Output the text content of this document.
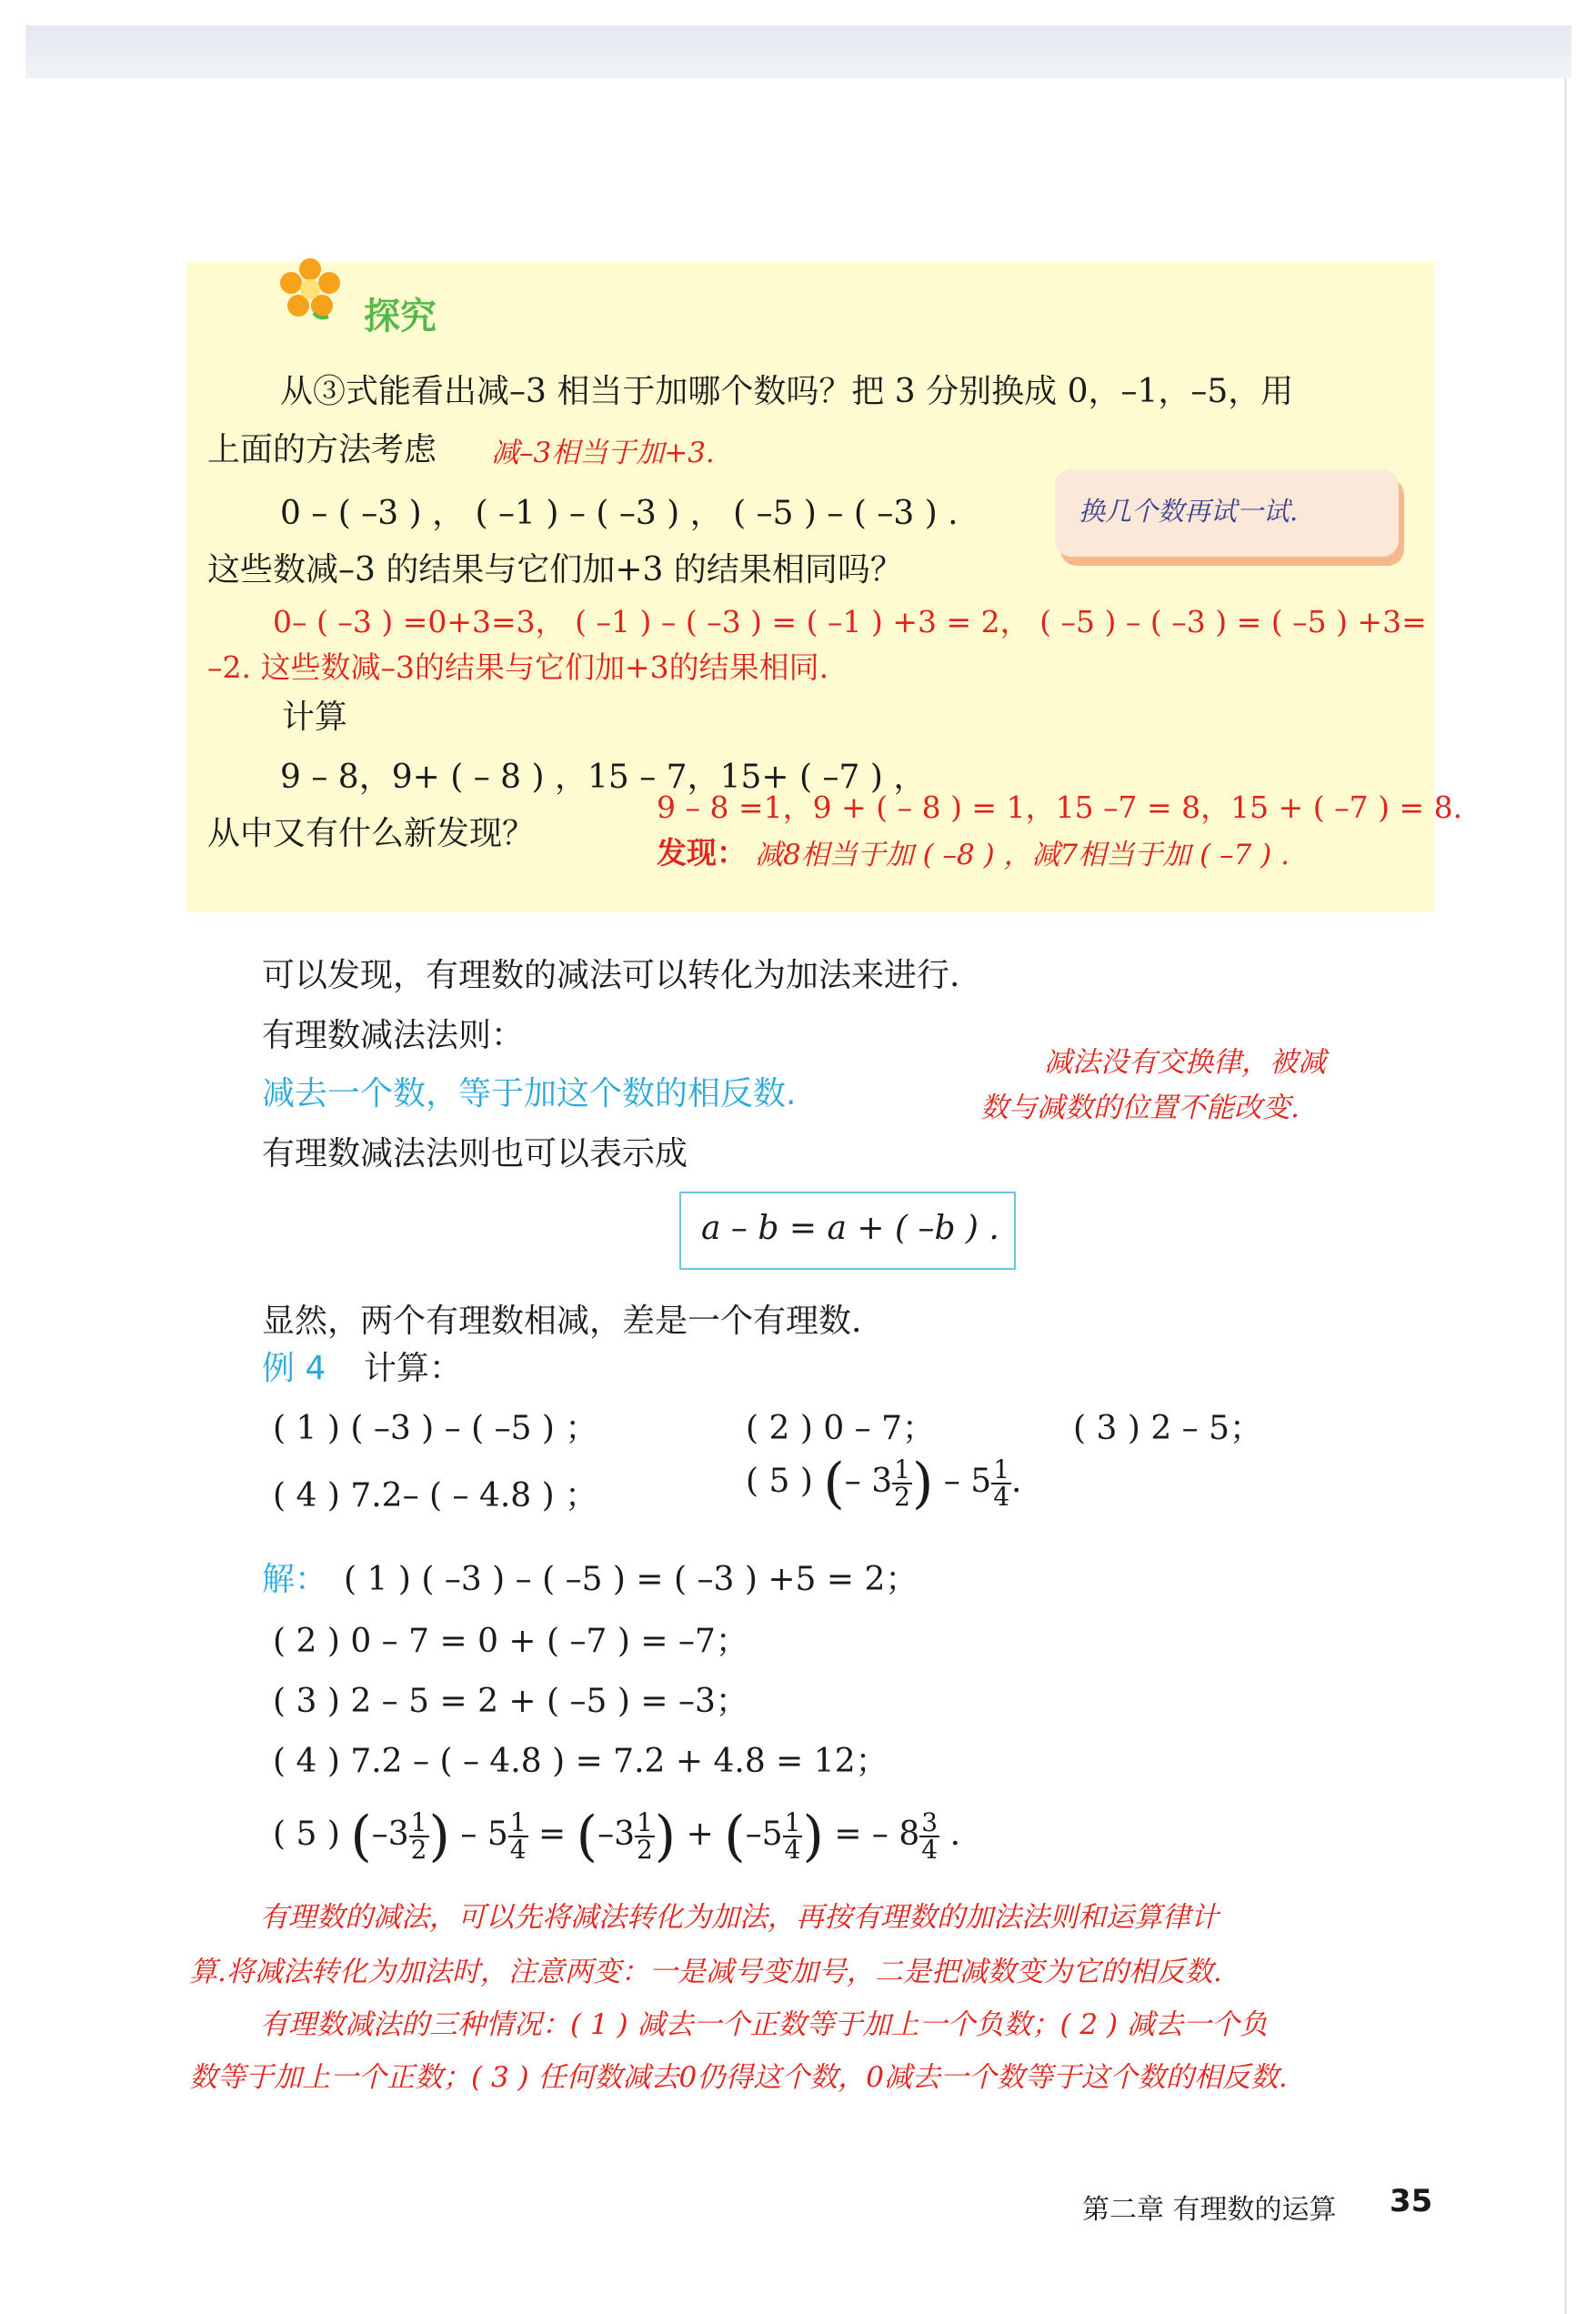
探究
从③式能看出减–3 相当于加哪个数吗？把 3 分别换成 0，–1，–5，用
上面的方法考虑 减–3相当于加+3.
0 – ( –3 ) ， ( –1 ) – ( –3 ) ， ( –5 ) – ( –3 ) .	换几个数再试一试.
这些数减–3 的结果与它们加+3 的结果相同吗？
0– ( –3 ) =0+3=3， ( –1 ) – ( –3 ) = ( –1 ) +3 = 2， ( –5 ) – ( –3 ) = ( –5 ) +3=
–2. 这些数减–3的结果与它们加+3的结果相同.
计算
9 – 8，9+ ( – 8 ) ，15 – 7，15+ ( –7 ) ，
9 – 8 =1，9 + ( – 8 ) = 1，15 –7 = 8，15 + ( –7 ) = 8.
从中又有什么新发现？
发现： 减8相当于加 ( –8 ) ，减7相当于加 ( –7 ) .
可以发现，有理数的减法可以转化为加法来进行.
有理数减法法则：
减去一个数，等于加这个数的相反数.
减法没有交换律，被减
数与减数的位置不能改变.
有理数减法法则也可以表示成
a – b = a + ( –b ) .
显然，两个有理数相减，差是一个有理数.
例 4 计算：
( 1 ) ( –3 ) – ( –5 ) ；	( 2 ) 0 – 7；	( 3 ) 2 – 5；
( 4 ) 7.2– ( – 4.8 ) ；	( 5 ) (– $3 \frac{1}{2}$ ) – $5 \frac{1}{4}$ .
解： ( 1 ) ( –3 ) – ( –5 ) = ( –3 ) +5 = 2；
( 2 ) 0 – 7 = 0 + ( –7 ) = –7；
( 3 ) 2 – 5 = 2 + ( –5 ) = –3；
( 4 ) 7.2 – ( – 4.8 ) = 7.2 + 4.8 = 12；
( 5 ) ($-3 \frac{1}{2}$ ) – $5 \frac{1}{4} = (-3 \frac{1}{2}$ ) + ($-5 \frac{1}{4}$ ) = – $8 \frac{3}{4}$ .
有理数的减法，可以先将减法转化为加法，再按有理数的加法法则和运算律计
算.将减法转化为加法时，注意两变：一是减号变加号，二是把减数变为它的相反数.
有理数减法的三种情况：( 1 ) 减去一个正数等于加上一个负数；( 2 ) 减去一个负
数等于加上一个正数；( 3 ) 任何数减去0仍得这个数，0减去一个数等于这个数的相反数.
第二章 有理数的运算 35
